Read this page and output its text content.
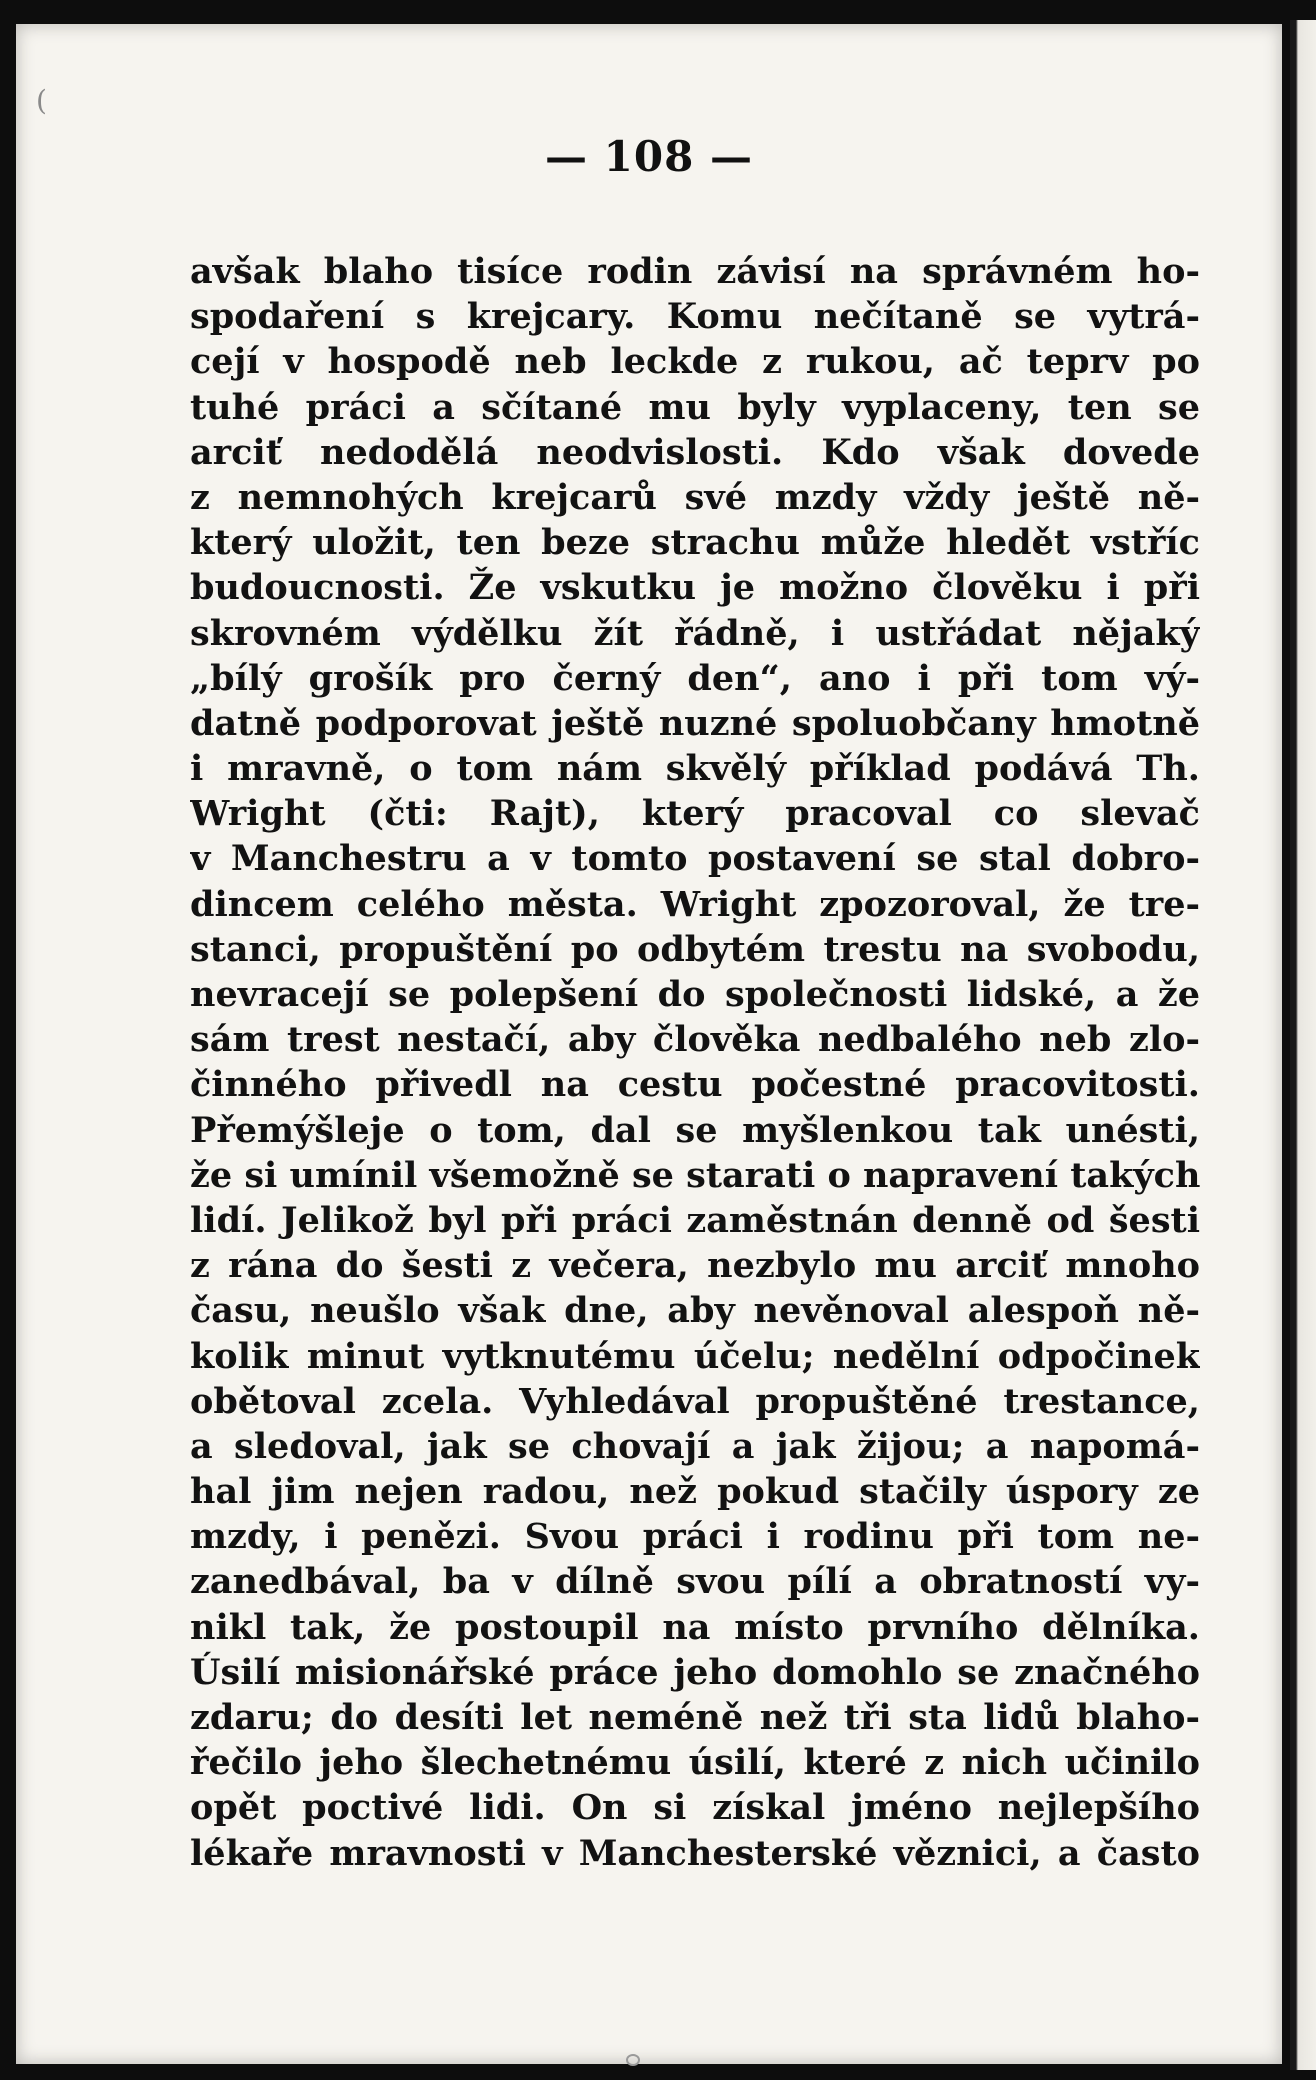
— 108 —
(
avšak blaho tisíce rodin závisí na správném ho-
spodaření s krejcary. Komu nečítaně se vytrá-
cejí v hospodě neb leckde z rukou, ač teprv po
tuhé práci a sčítané mu byly vyplaceny, ten se
arciť nedodělá neodvislosti. Kdo však dovede
z nemnohých krejcarů své mzdy vždy ještě ně-
který uložit, ten beze strachu může hledět vstříc
budoucnosti. Že vskutku je možno člověku i při
skrovném výdělku žít řádně, i ustřádat nějaký
„bílý grošík pro černý den“, ano i při tom vý-
datně podporovat ještě nuzné spoluobčany hmotně
i mravně, o tom nám skvělý příklad podává Th.
Wright (čti: Rajt), který pracoval co slevač
v Manchestru a v tomto postavení se stal dobro-
dincem celého města. Wright zpozoroval, že tre-
stanci, propuštění po odbytém trestu na svobodu,
nevracejí se polepšení do společnosti lidské, a že
sám trest nestačí, aby člověka nedbalého neb zlo-
činného přivedl na cestu počestné pracovitosti.
Přemýšleje o tom, dal se myšlenkou tak unésti,
že si umínil všemožně se starati o napravení takých
lidí. Jelikož byl při práci zaměstnán denně od šesti
z rána do šesti z večera, nezbylo mu arciť mnoho
času, neušlo však dne, aby nevěnoval alespoň ně-
kolik minut vytknutému účelu; nedělní odpočinek
obětoval zcela. Vyhledával propuštěné trestance,
a sledoval, jak se chovají a jak žijou; a napomá-
hal jim nejen radou, než pokud stačily úspory ze
mzdy, i penězi. Svou práci i rodinu při tom ne-
zanedbával, ba v dílně svou pílí a obratností vy-
nikl tak, že postoupil na místo prvního dělníka.
Úsilí misionářské práce jeho domohlo se značného
zdaru; do desíti let neméně než tři sta lidů blaho-
řečilo jeho šlechetnému úsilí, které z nich učinilo
opět poctivé lidi. On si získal jméno nejlepšího
lékaře mravnosti v Manchesterské věznici, a často
